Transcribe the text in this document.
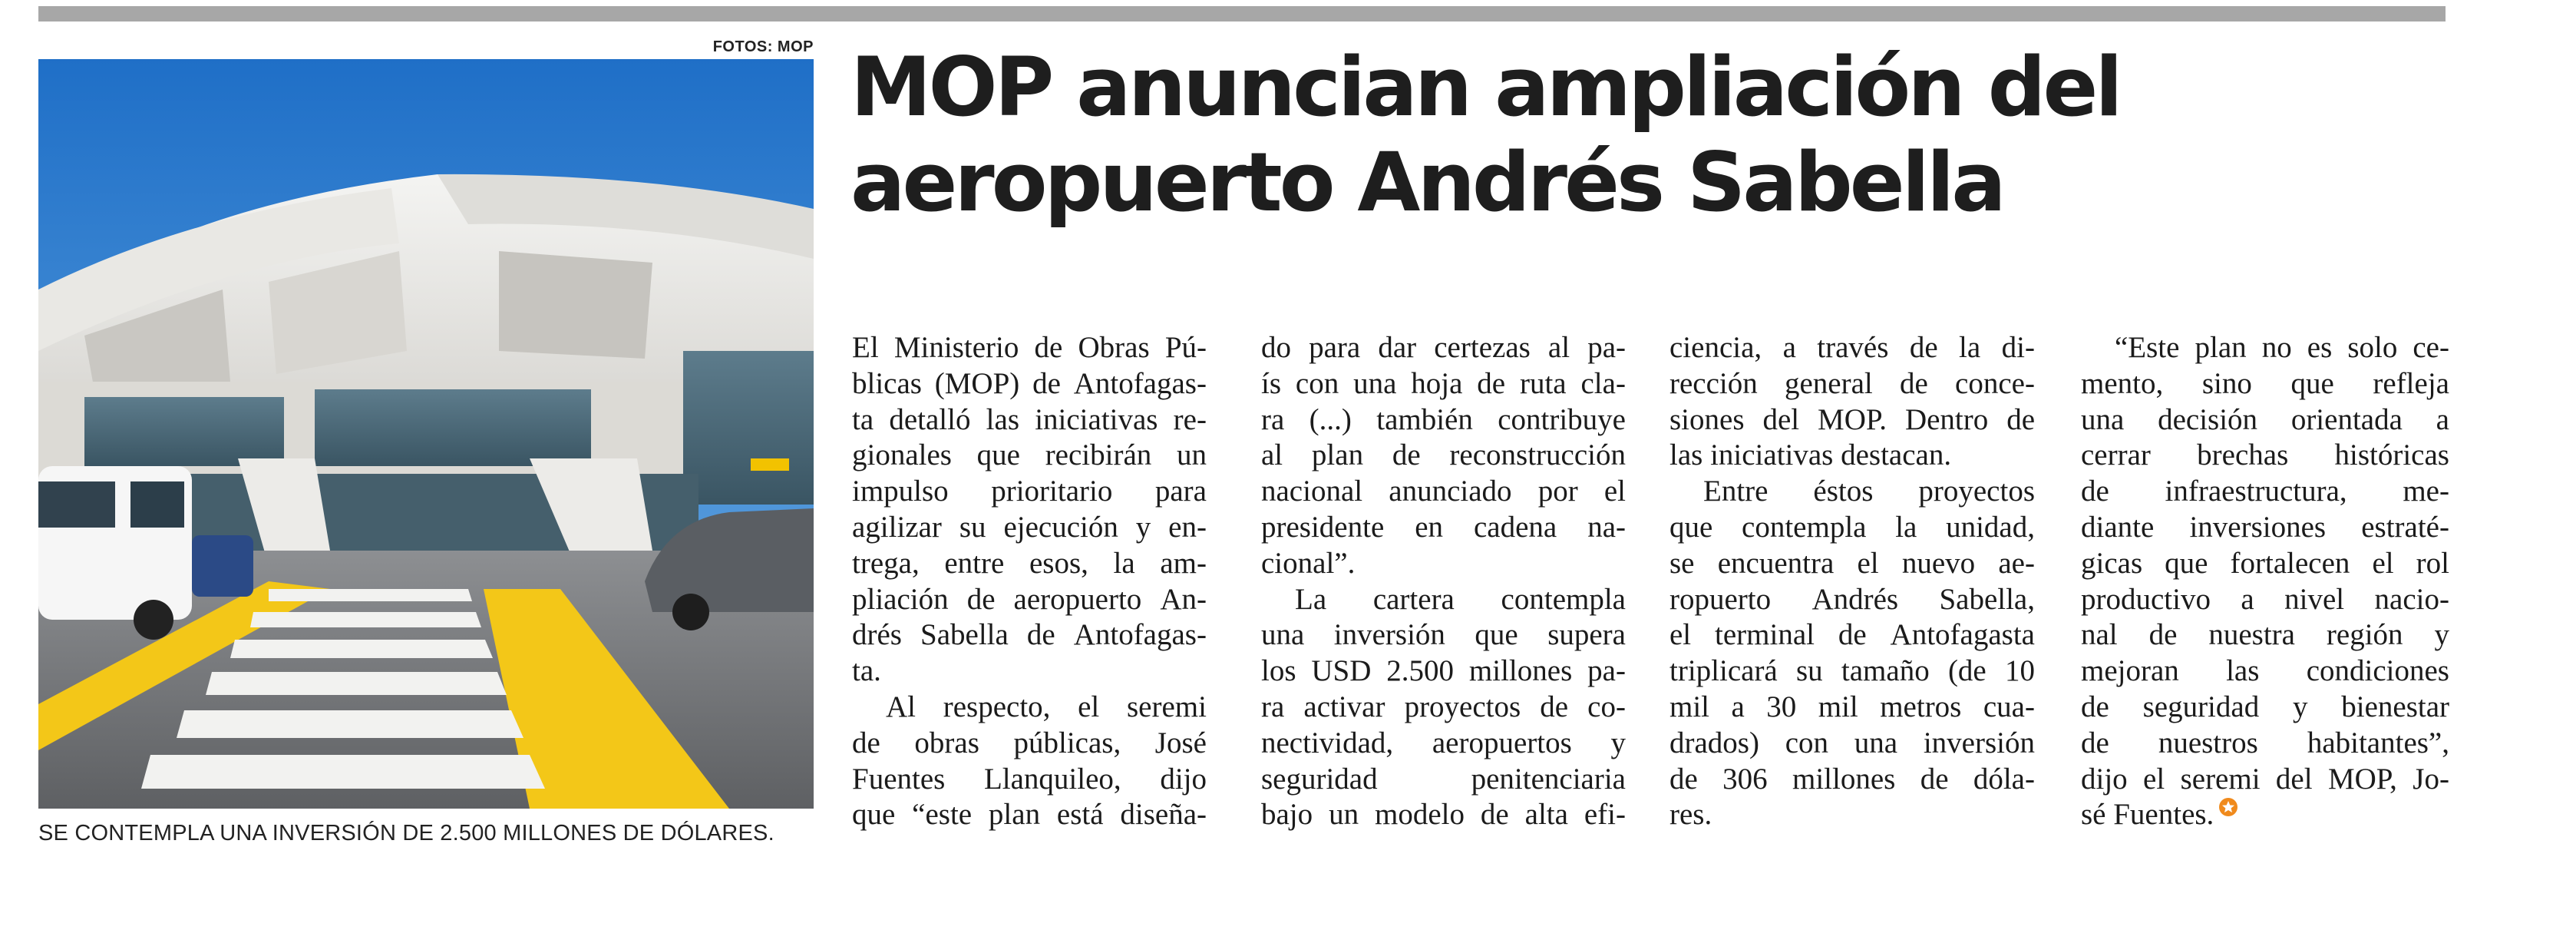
FOTOS: MOP
SE CONTEMPLA UNA INVERSIÓN DE 2.500 MILLONES DE DÓLARES.
MOP anuncian ampliación del
aeropuerto Andrés Sabella
El Ministerio de Obras Pú-
blicas (MOP) de Antofagas-
ta detalló las iniciativas re-
gionales que recibirán un
impulso prioritario para
agilizar su ejecución y en-
trega, entre esos, la am-
pliación de aeropuerto An-
drés Sabella de Antofagas-
ta.
Al respecto, el seremi
de obras públicas, José
Fuentes Llanquileo, dijo
que “este plan está diseña-
do para dar certezas al pa-
ís con una hoja de ruta cla-
ra (...) también contribuye
al plan de reconstrucción
nacional anunciado por el
presidente en cadena na-
cional”.
La cartera contempla
una inversión que supera
los USD 2.500 millones pa-
ra activar proyectos de co-
nectividad, aeropuertos y
seguridad	penitenciaria
bajo un modelo de alta efi-
ciencia, a través de la di-
rección general de conce-
siones del MOP. Dentro de
las iniciativas destacan.
Entre éstos proyectos
que contempla la unidad,
se encuentra el nuevo ae-
ropuerto Andrés Sabella,
el terminal de Antofagasta
triplicará su tamaño (de 10
mil a 30 mil metros cua-
drados) con una inversión
de 306 millones de dóla-
res.
“Este plan no es solo ce-
mento, sino que refleja
una decisión orientada a
cerrar brechas históricas
de infraestructura, me-
diante inversiones estraté-
gicas que fortalecen el rol
productivo a nivel nacio-
nal de nuestra región y
mejoran las condiciones
de seguridad y bienestar
de nuestros habitantes”,
dijo el seremi del MOP, Jo-
sé Fuentes.
